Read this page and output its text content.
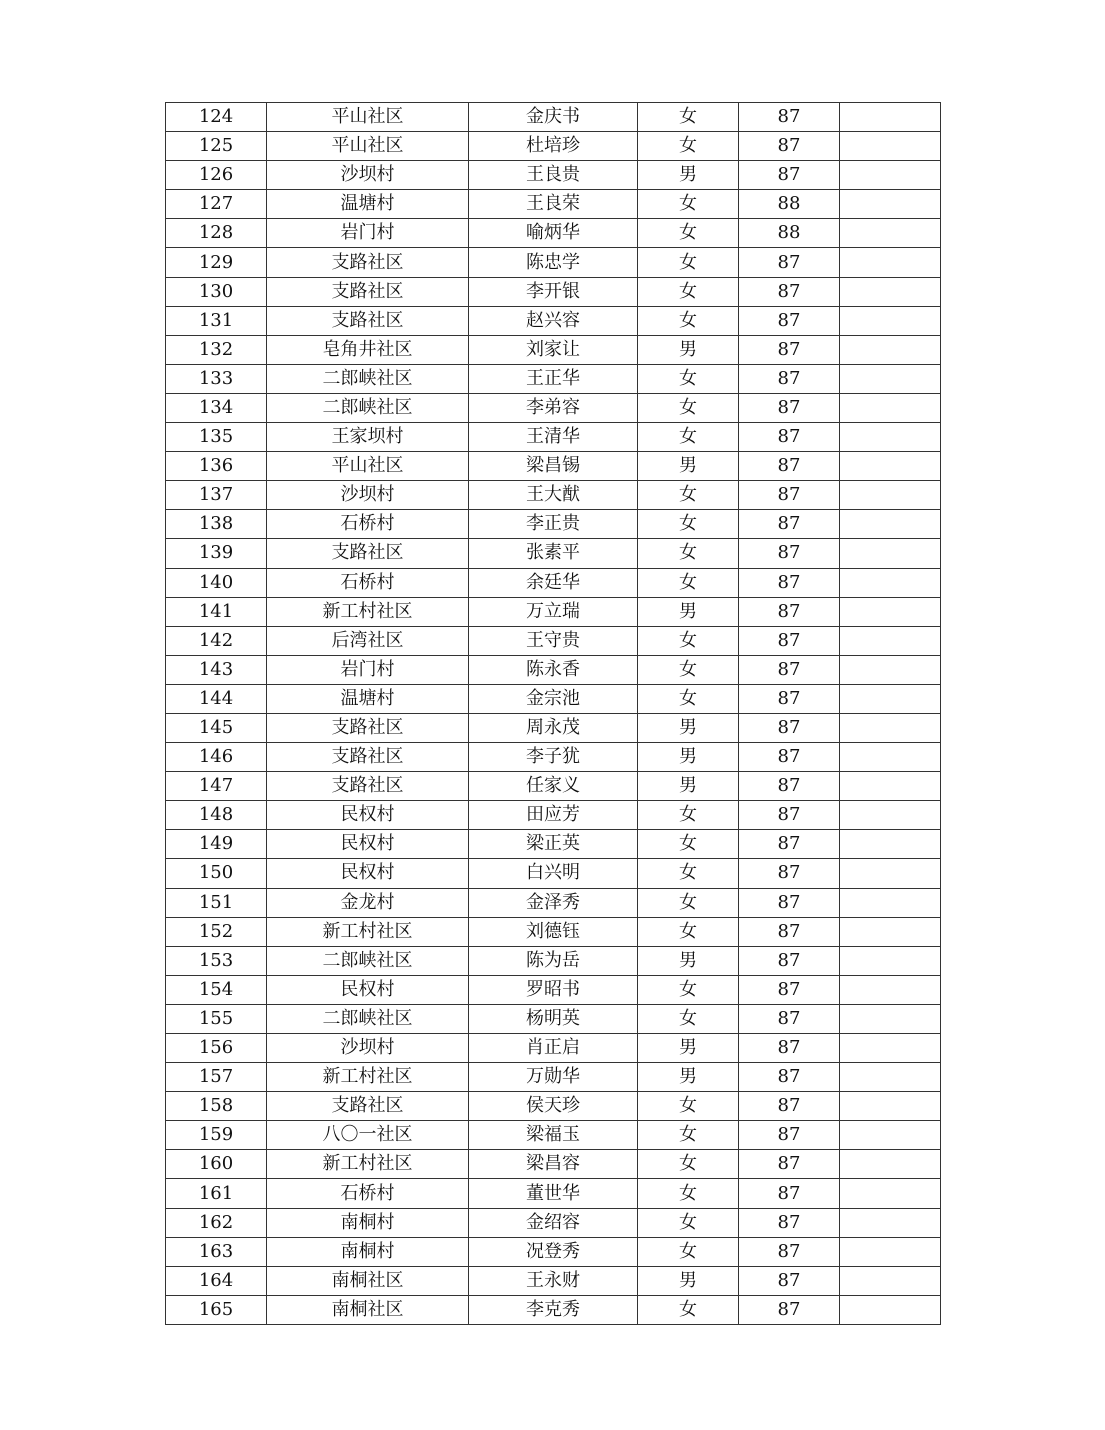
124	平山社区	金庆书	女	87	
125	平山社区	杜培珍	女	87	
126	沙坝村	王良贵	男	87	
127	温塘村	王良荣	女	88	
128	岩门村	喻炳华	女	88	
129	支路社区	陈忠学	女	87	
130	支路社区	李开银	女	87	
131	支路社区	赵兴容	女	87	
132	皂角井社区	刘家让	男	87	
133	二郎峡社区	王正华	女	87	
134	二郎峡社区	李弟容	女	87	
135	王家坝村	王清华	女	87	
136	平山社区	梁昌锡	男	87	
137	沙坝村	王大猷	女	87	
138	石桥村	李正贵	女	87	
139	支路社区	张素平	女	87	
140	石桥村	余廷华	女	87	
141	新工村社区	万立瑞	男	87	
142	后湾社区	王守贵	女	87	
143	岩门村	陈永香	女	87	
144	温塘村	金宗池	女	87	
145	支路社区	周永茂	男	87	
146	支路社区	李子犹	男	87	
147	支路社区	任家义	男	87	
148	民权村	田应芳	女	87	
149	民权村	梁正英	女	87	
150	民权村	白兴明	女	87	
151	金龙村	金泽秀	女	87	
152	新工村社区	刘德钰	女	87	
153	二郎峡社区	陈为岳	男	87	
154	民权村	罗昭书	女	87	
155	二郎峡社区	杨明英	女	87	
156	沙坝村	肖正启	男	87	
157	新工村社区	万勋华	男	87	
158	支路社区	侯天珍	女	87	
159	八〇一社区	梁福玉	女	87	
160	新工村社区	梁昌容	女	87	
161	石桥村	董世华	女	87	
162	南桐村	金绍容	女	87	
163	南桐村	况登秀	女	87	
164	南桐社区	王永财	男	87	
165	南桐社区	李克秀	女	87	
